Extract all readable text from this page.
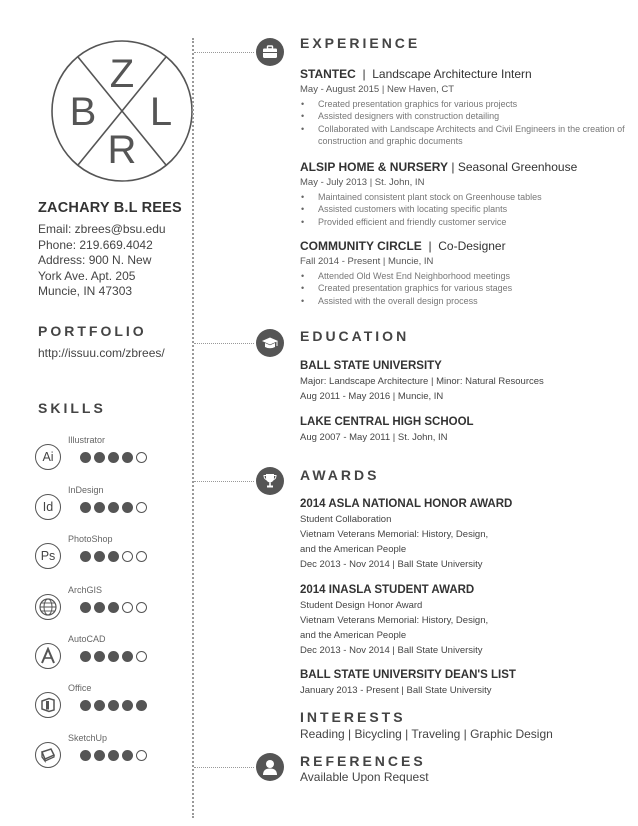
Z
B L
R
ZACHARY B.L REES
Email: zbrees@bsu.edu
Phone: 219.669.4042
Address: 900 N. New
York Ave. Apt. 205
Muncie, IN 47303
PORTFOLIO
http://issuu.com/zbrees/
SKILLS
Illustrator
Ai
InDesign
Id
PhotoShop
Ps
ArchGIS
AutoCAD
Office
SketchUp
EXPERIENCE
STANTEC  |  Landscape Architecture Intern
May - August 2015 | New Haven, CT
• Created presentation graphics for various projects
• Assisted designers with construction detailing
• Collaborated with Landscape Architects and Civil Engineers in the creation of construction and graphic documents
ALSIP HOME & NURSERY | Seasonal Greenhouse
May - July 2013 | St. John, IN
• Maintained consistent plant stock on Greenhouse tables
• Assisted customers with locating specific plants
• Provided efficient and friendly customer service
COMMUNITY CIRCLE  |  Co-Designer
Fall 2014 - Present | Muncie, IN
• Attended Old West End Neighborhood meetings
• Created presentation graphics for various stages
• Assisted with the overall design process
EDUCATION
BALL STATE UNIVERSITY
Major: Landscape Architecture | Minor: Natural Resources
Aug 2011 - May 2016 | Muncie, IN
LAKE CENTRAL HIGH SCHOOL
Aug 2007 - May 2011 | St. John, IN
AWARDS
2014 ASLA NATIONAL HONOR AWARD
Student Collaboration
Vietnam Veterans Memorial: History, Design,
and the American People
Dec 2013 - Nov 2014 | Ball State University
2014 INASLA STUDENT AWARD
Student Design Honor Award
Vietnam Veterans Memorial: History, Design,
and the American People
Dec 2013 - Nov 2014 | Ball State University
BALL STATE UNIVERSITY DEAN'S LIST
January 2013 - Present | Ball State University
INTERESTS
Reading | Bicycling | Traveling | Graphic Design
REFERENCES
Available Upon Request
